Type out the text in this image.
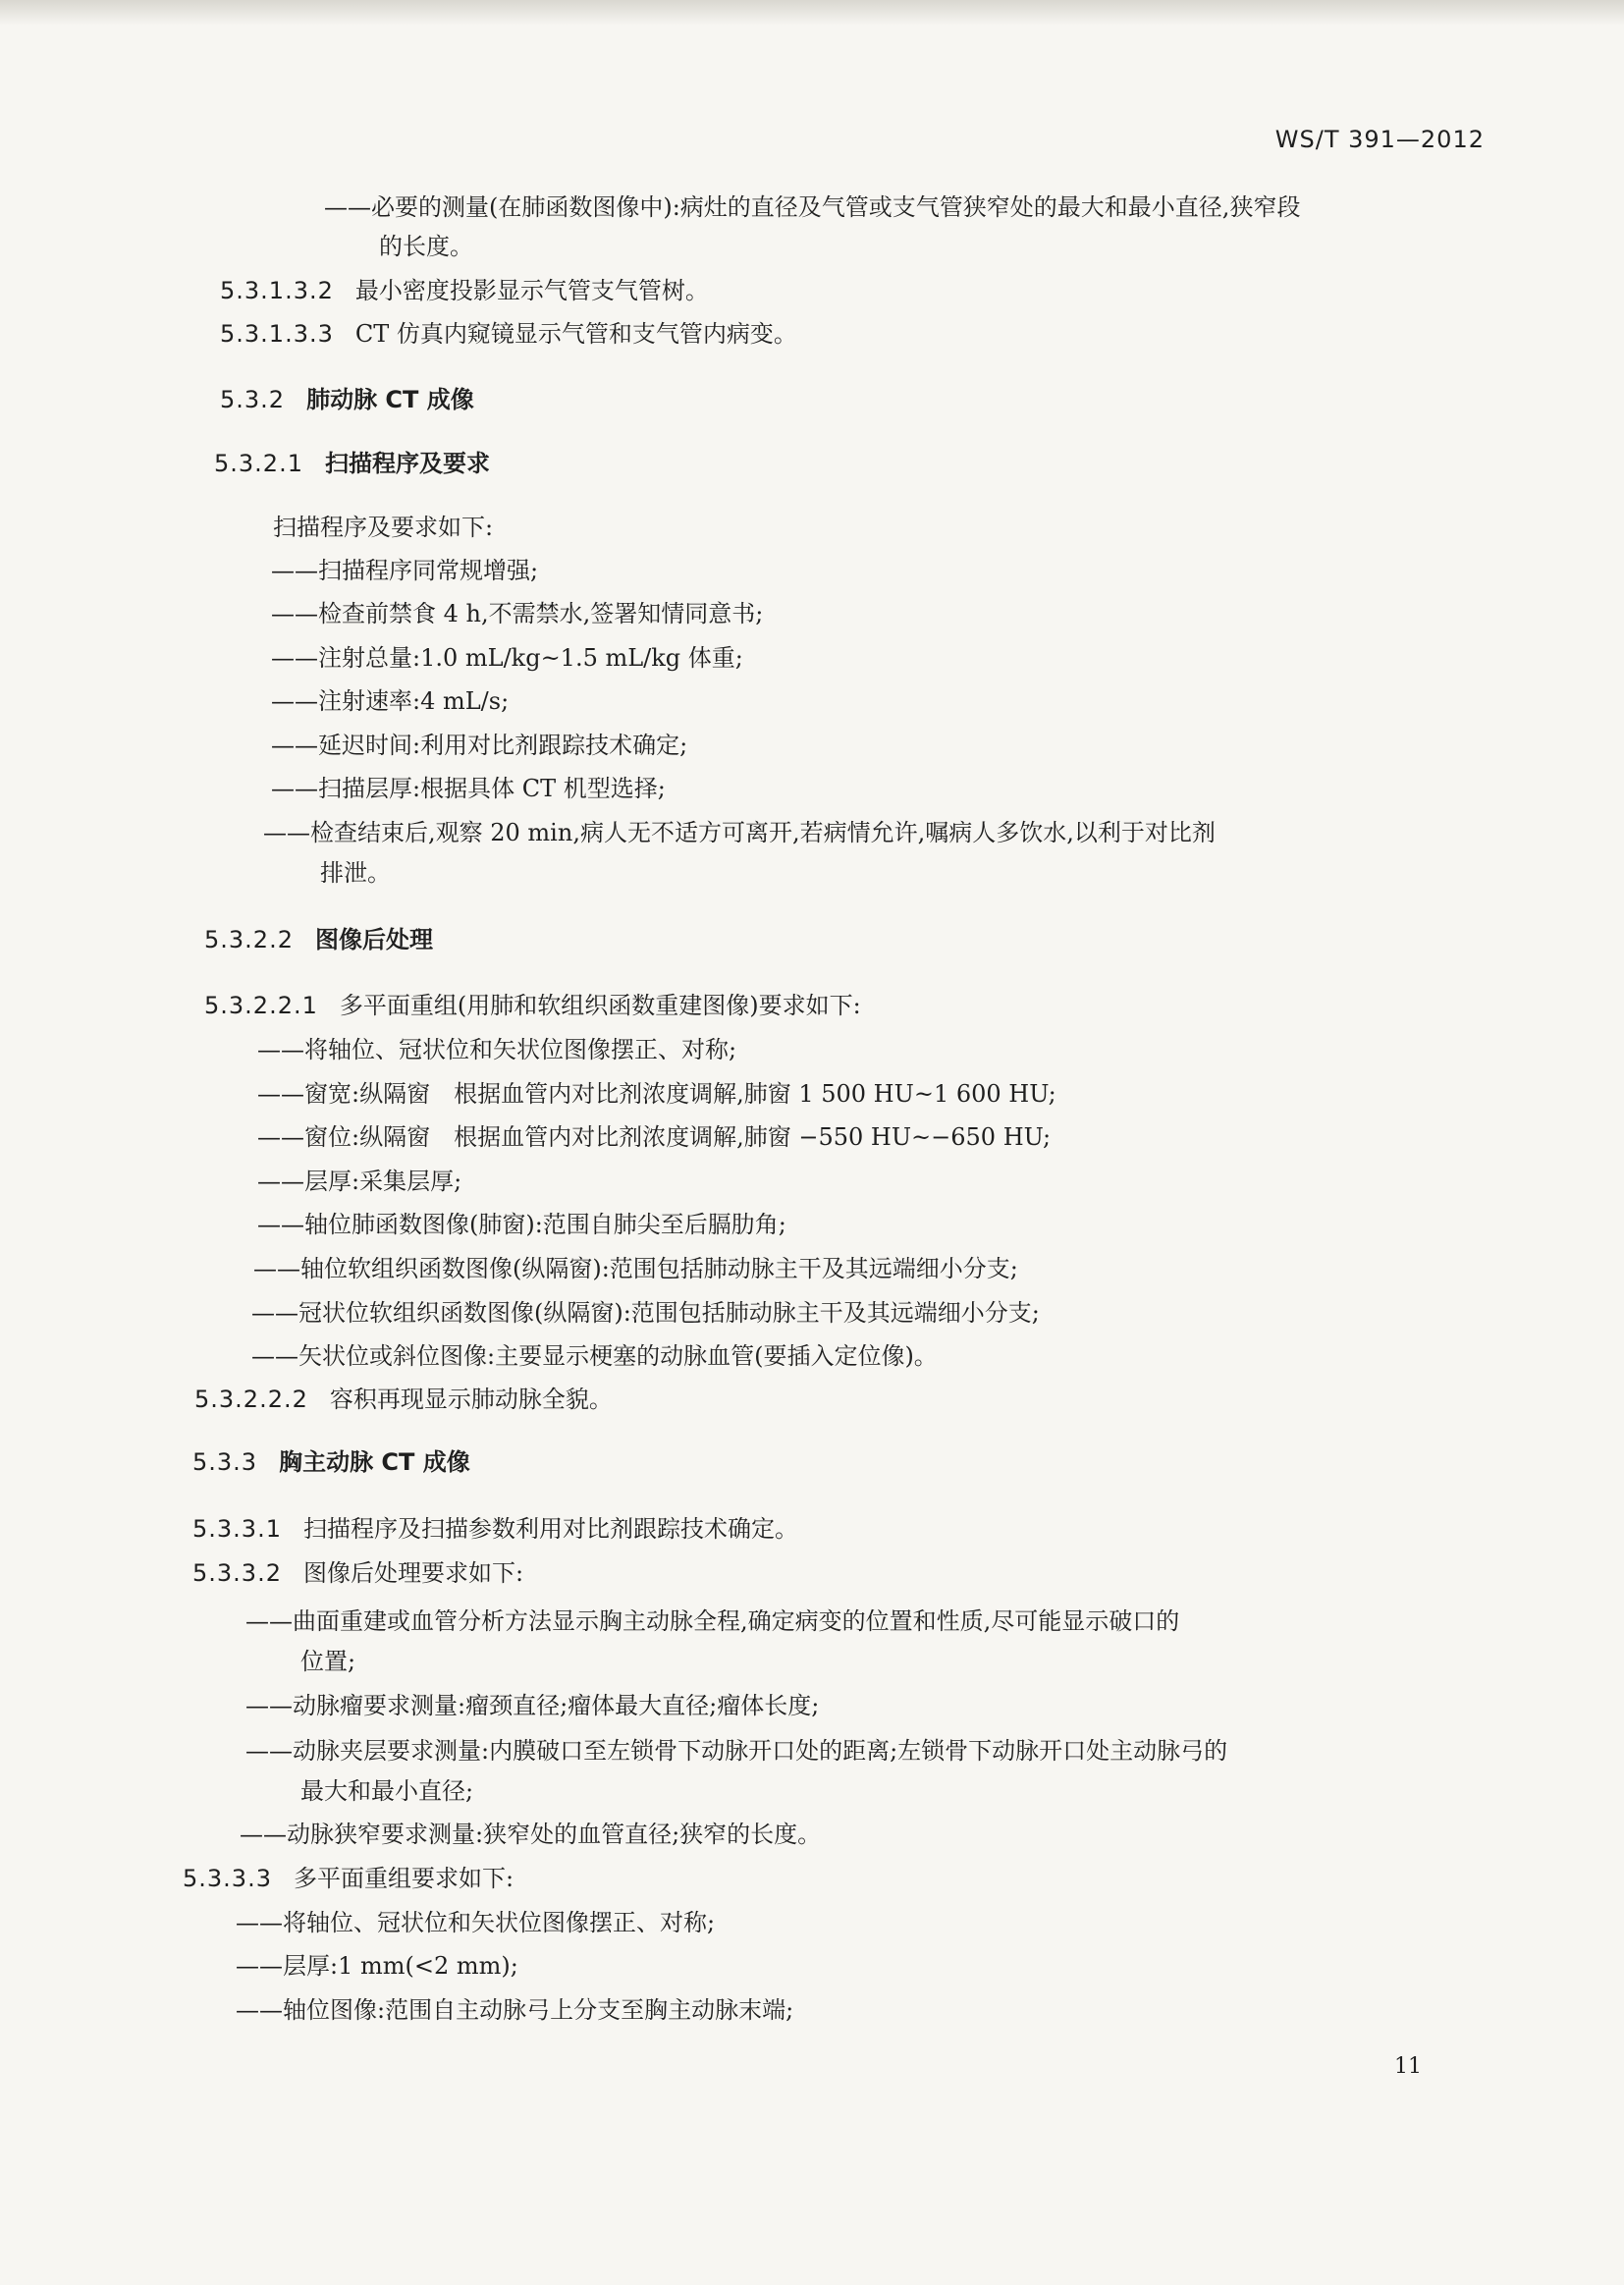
WS/T 391—2012
——必要的测量(在肺函数图像中):病灶的直径及气管或支气管狭窄处的最大和最小直径,狭窄段
的长度。
5.3.1.3.2 最小密度投影显示气管支气管树。
5.3.1.3.3 CT 仿真内窥镜显示气管和支气管内病变。
5.3.2 肺动脉 CT 成像
5.3.2.1 扫描程序及要求
扫描程序及要求如下:
——扫描程序同常规增强;
——检查前禁食 4 h,不需禁水,签署知情同意书;
——注射总量:1.0 mL/kg~1.5 mL/kg 体重;
——注射速率:4 mL/s;
——延迟时间:利用对比剂跟踪技术确定;
——扫描层厚:根据具体 CT 机型选择;
——检查结束后,观察 20 min,病人无不适方可离开,若病情允许,嘱病人多饮水,以利于对比剂
排泄。
5.3.2.2 图像后处理
5.3.2.2.1 多平面重组(用肺和软组织函数重建图像)要求如下:
——将轴位、冠状位和矢状位图像摆正、对称;
——窗宽:纵隔窗　根据血管内对比剂浓度调解,肺窗 1 500 HU~1 600 HU;
——窗位:纵隔窗　根据血管内对比剂浓度调解,肺窗 −550 HU~−650 HU;
——层厚:采集层厚;
——轴位肺函数图像(肺窗):范围自肺尖至后膈肋角;
——轴位软组织函数图像(纵隔窗):范围包括肺动脉主干及其远端细小分支;
——冠状位软组织函数图像(纵隔窗):范围包括肺动脉主干及其远端细小分支;
——矢状位或斜位图像:主要显示梗塞的动脉血管(要插入定位像)。
5.3.2.2.2 容积再现显示肺动脉全貌。
5.3.3 胸主动脉 CT 成像
5.3.3.1 扫描程序及扫描参数利用对比剂跟踪技术确定。
5.3.3.2 图像后处理要求如下:
——曲面重建或血管分析方法显示胸主动脉全程,确定病变的位置和性质,尽可能显示破口的
位置;
——动脉瘤要求测量:瘤颈直径;瘤体最大直径;瘤体长度;
——动脉夹层要求测量:内膜破口至左锁骨下动脉开口处的距离;左锁骨下动脉开口处主动脉弓的
最大和最小直径;
——动脉狭窄要求测量:狭窄处的血管直径;狭窄的长度。
5.3.3.3 多平面重组要求如下:
——将轴位、冠状位和矢状位图像摆正、对称;
——层厚:1 mm(<2 mm);
——轴位图像:范围自主动脉弓上分支至胸主动脉末端;
11
